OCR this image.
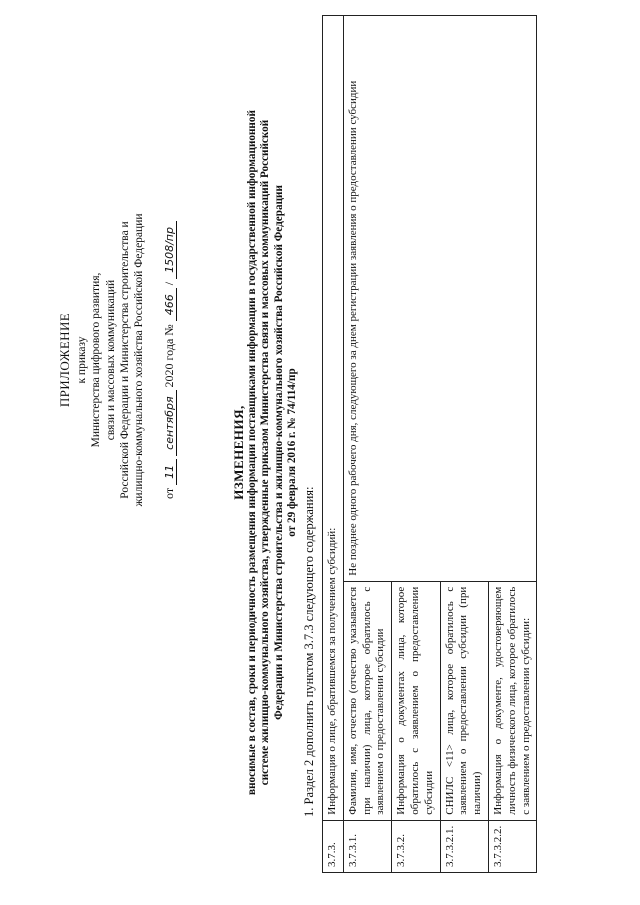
ПРИЛОЖЕНИЕ к приказу Министерства цифрового развития, связи и массовых коммуникаций Российской Федерации и Министерства строительства и жилищно-коммунального хозяйства Российской Федерации от 11 сентября 2020 года № 466 / 1508/пр
ИЗМЕНЕНИЯ, вносимые в состав, сроки и периодичность размещения информации поставщиками информации в государственной информационной системе жилищно-коммунального хозяйства, утвержденные приказом Министерства связи и массовых коммуникаций Российской Федерации и Министерства строительства и жилищно-коммунального хозяйства Российской Федерации от 29 февраля 2016 г. № 74/114/пр
1. Раздел 2 дополнить пунктом 3.7.3 следующего содержания:
3.7.3.	Информация о лице, обратившемся за получением субсидий:	
3.7.3.1.	Фамилия, имя, отчество (отчество указывается при наличии) лица, которое обратилось с заявлением о предоставлении субсидии	Не позднее одного рабочего дня, следующего за днем регистрации заявления о предоставлении субсидии
3.7.3.2.	Информация о документах лица, которое обратилось с заявлением о предоставлении субсидии	
3.7.3.2.1.	СНИЛС <11> лица, которое обратилось с заявлением о предоставлении субсидии (при наличии)	
3.7.3.2.2.	Информация о документе, удостоверяющем личность физического лица, которое обратилось с заявлением о предоставлении субсидии:	
